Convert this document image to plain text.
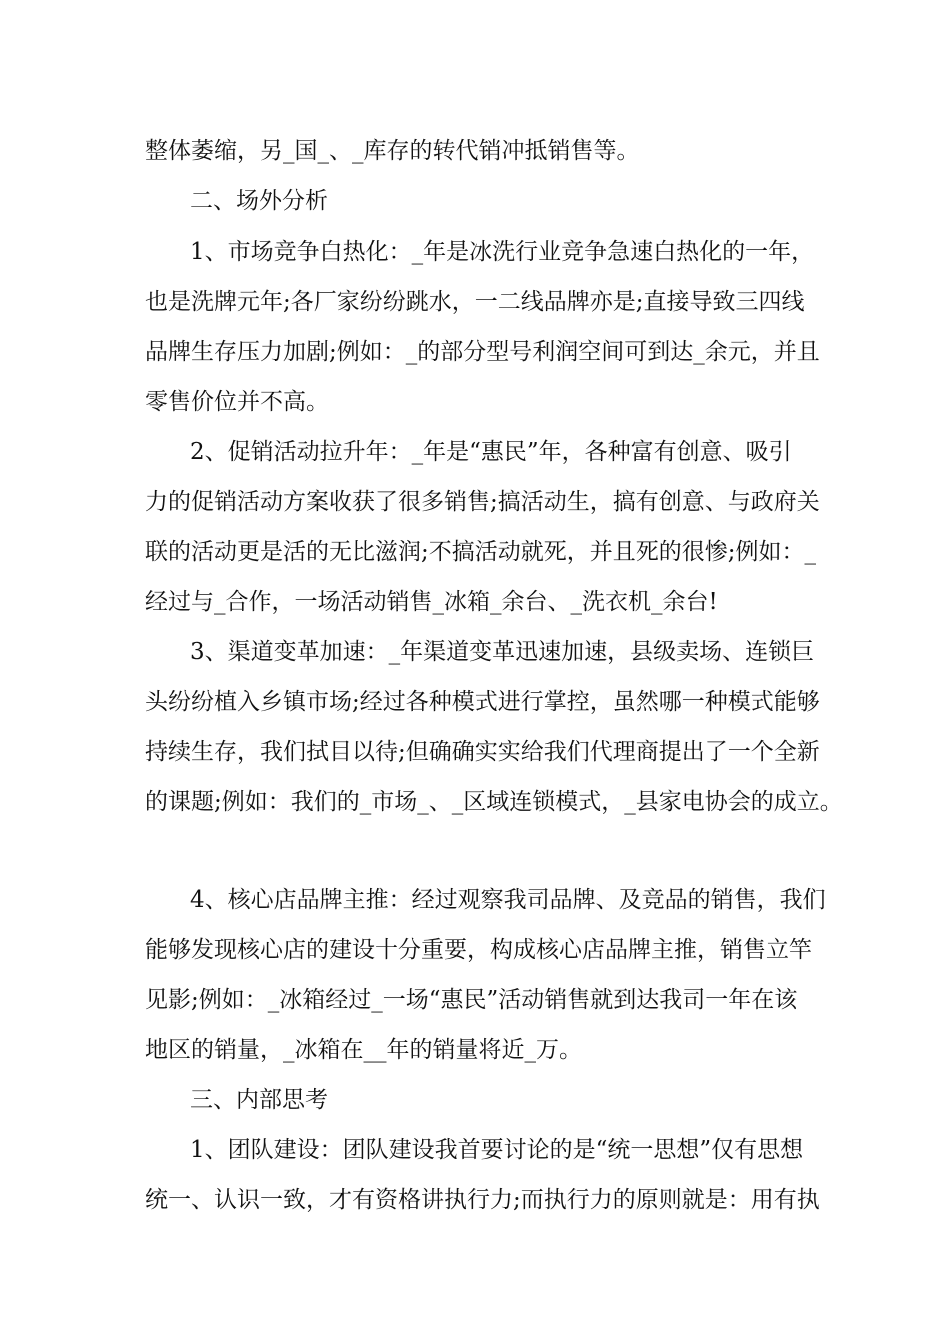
整体萎缩，另_国_、_库存的转代销冲抵销售等。
二、场外分析
1、市场竞争白热化：_年是冰洗行业竞争急速白热化的一年，
也是洗牌元年;各厂家纷纷跳水，一二线品牌亦是;直接导致三四线
品牌生存压力加剧;例如：_的部分型号利润空间可到达_余元，并且
零售价位并不高。
2、促销活动拉升年：_年是“惠民”年，各种富有创意、吸引
力的促销活动方案收获了很多销售;搞活动生，搞有创意、与政府关
联的活动更是活的无比滋润;不搞活动就死，并且死的很惨;例如：_
经过与_合作，一场活动销售_冰箱_余台、_洗衣机_余台!
3、渠道变革加速：_年渠道变革迅速加速，县级卖场、连锁巨
头纷纷植入乡镇市场;经过各种模式进行掌控，虽然哪一种模式能够
持续生存，我们拭目以待;但确确实实给我们代理商提出了一个全新
的课题;例如：我们的_市场_、_区域连锁模式，_县家电协会的成立。
4、核心店品牌主推：经过观察我司品牌、及竞品的销售，我们
能够发现核心店的建设十分重要，构成核心店品牌主推，销售立竿
见影;例如：_冰箱经过_一场“惠民”活动销售就到达我司一年在该
地区的销量，_冰箱在__年的销量将近_万。
三、内部思考
1、团队建设：团队建设我首要讨论的是“统一思想”仅有思想
统一、认识一致，才有资格讲执行力;而执行力的原则就是：用有执
